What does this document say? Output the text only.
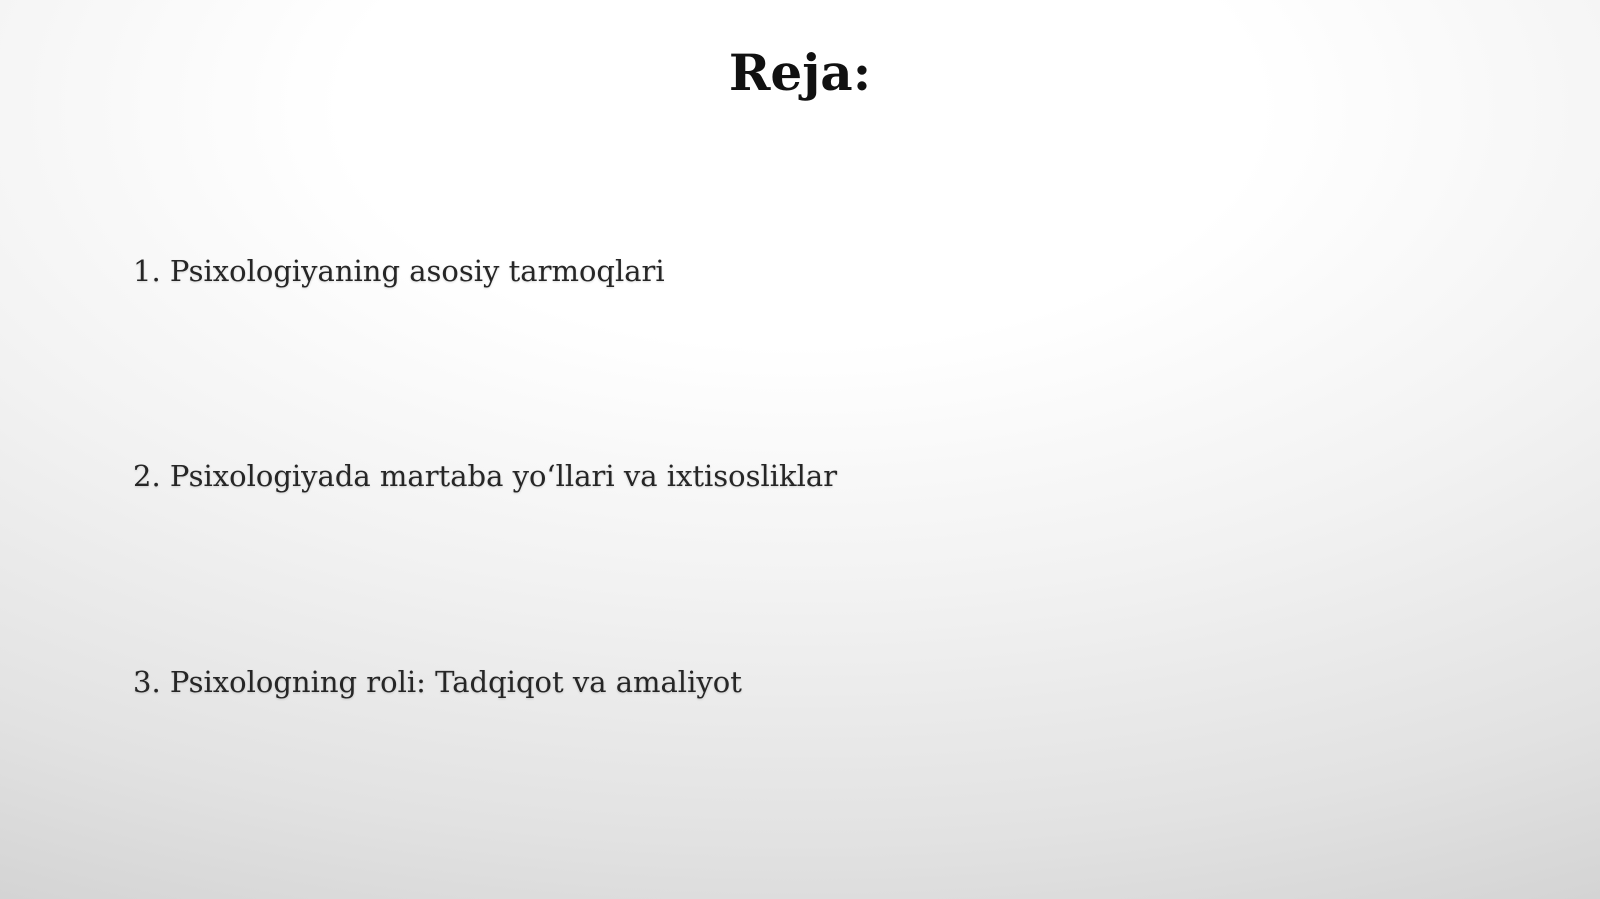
Reja:
1. Psixologiyaning asosiy tarmoqlari
2. Psixologiyada martaba yo‘llari va ixtisosliklar
3. Psixologning roli: Tadqiqot va amaliyot
